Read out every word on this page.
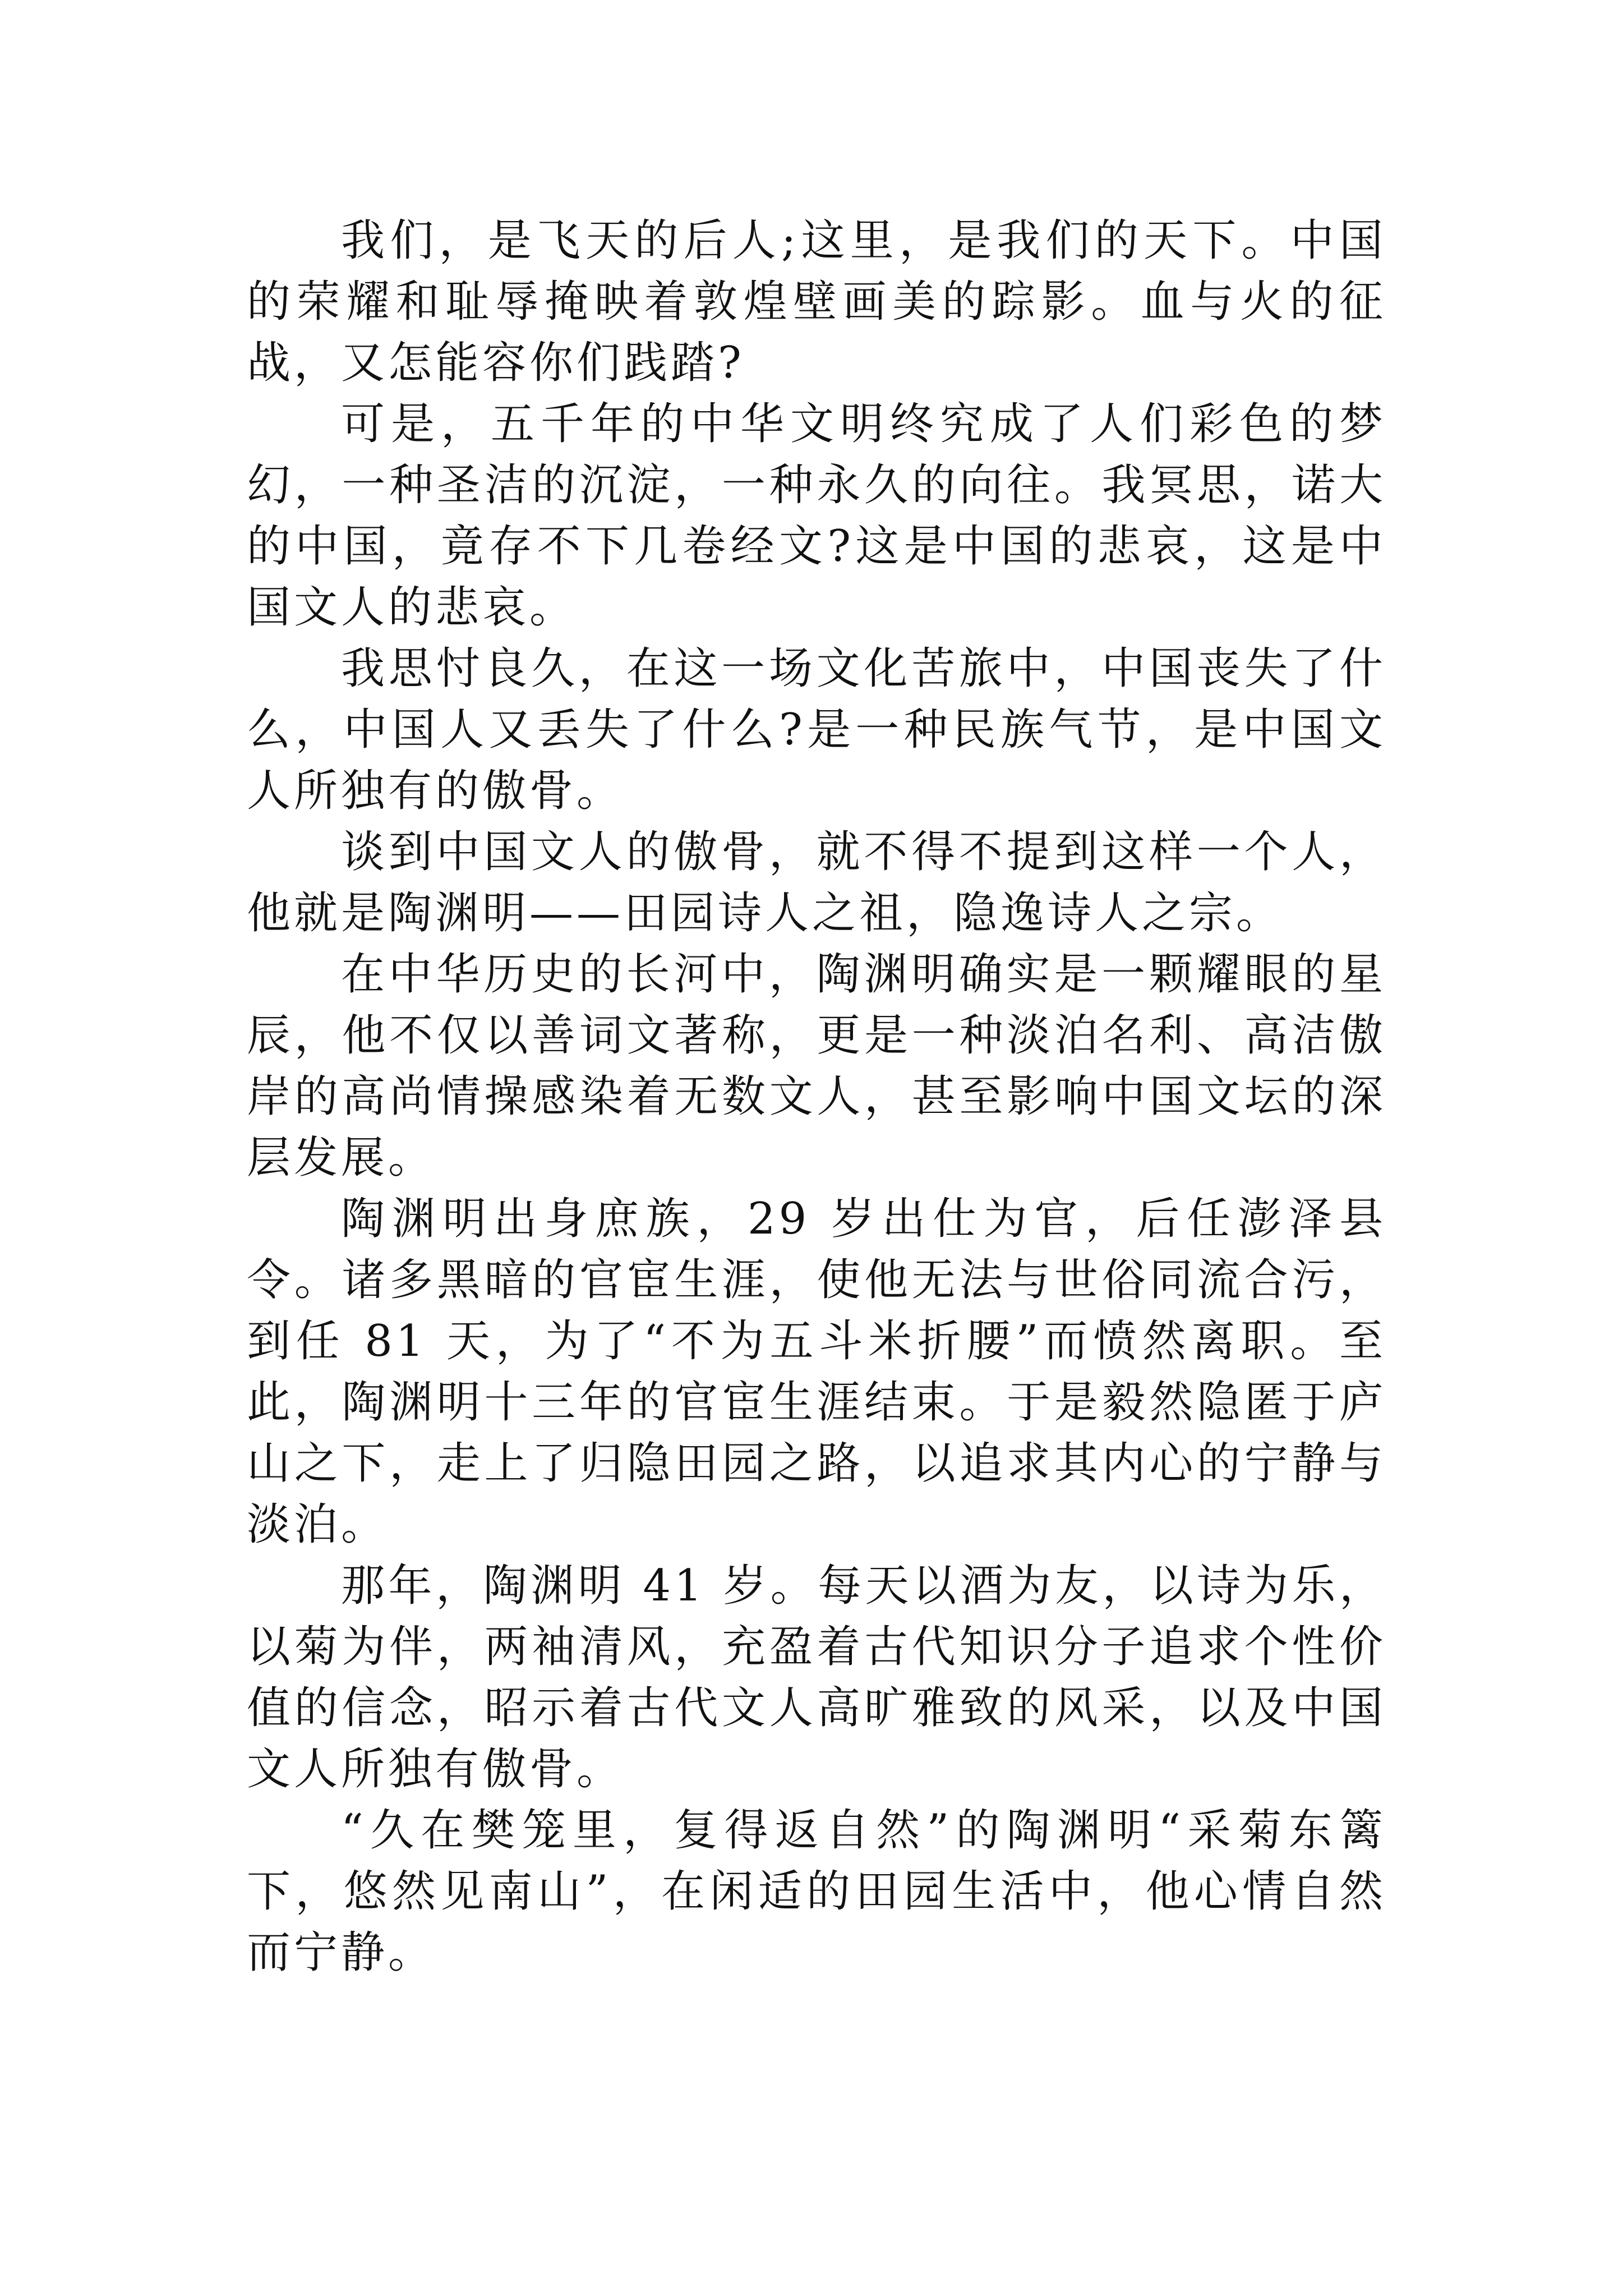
我们，是飞天的后人;这里，是我们的天下。中国的荣耀和耻辱掩映着敦煌壁画美的踪影。血与火的征战，又怎能容你们践踏?

可是，五千年的中华文明终究成了人们彩色的梦幻，一种圣洁的沉淀，一种永久的向往。我冥思，诺大的中国，竟存不下几卷经文?这是中国的悲哀，这是中国文人的悲哀。

我思忖良久，在这一场文化苦旅中，中国丧失了什么，中国人又丢失了什么?是一种民族气节，是中国文人所独有的傲骨。

谈到中国文人的傲骨，就不得不提到这样一个人，他就是陶渊明——田园诗人之祖，隐逸诗人之宗。

在中华历史的长河中，陶渊明确实是一颗耀眼的星辰，他不仅以善词文著称，更是一种淡泊名利、高洁傲岸的高尚情操感染着无数文人，甚至影响中国文坛的深层发展。

陶渊明出身庶族，29 岁出仕为官，后任澎泽县令。诸多黑暗的官宦生涯，使他无法与世俗同流合污，到任 81 天，为了“不为五斗米折腰”而愤然离职。至此，陶渊明十三年的官宦生涯结束。于是毅然隐匿于庐山之下，走上了归隐田园之路，以追求其内心的宁静与淡泊。

那年，陶渊明 41 岁。每天以酒为友，以诗为乐，以菊为伴，两袖清风，充盈着古代知识分子追求个性价值的信念，昭示着古代文人高旷雅致的风采，以及中国文人所独有傲骨。

“久在樊笼里，复得返自然”的陶渊明“采菊东篱下，悠然见南山”，在闲适的田园生活中，他心情自然而宁静。
